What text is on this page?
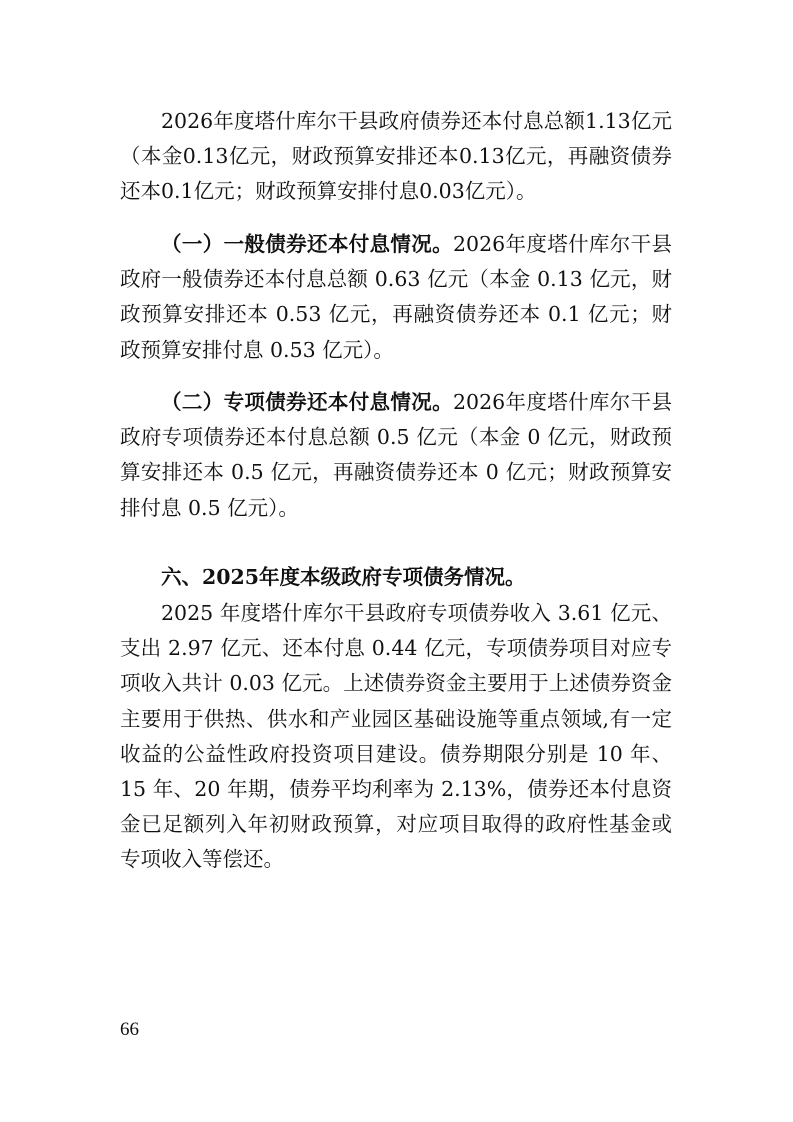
2026年度塔什库尔干县政府债券还本付息总额1.13亿元（本金0.13亿元，财政预算安排还本0.13亿元，再融资债券还本0.1亿元；财政预算安排付息0.03亿元）。

（一）一般债券还本付息情况。2026年度塔什库尔干县政府一般债券还本付息总额 0.63 亿元（本金 0.13 亿元，财政预算安排还本 0.53 亿元，再融资债券还本 0.1 亿元；财政预算安排付息 0.53 亿元）。

（二）专项债券还本付息情况。2026年度塔什库尔干县政府专项债券还本付息总额 0.5 亿元（本金 0 亿元，财政预算安排还本 0.5 亿元，再融资债券还本 0 亿元；财政预算安排付息 0.5 亿元）。

六、2025年度本级政府专项债务情况。

2025 年度塔什库尔干县政府专项债券收入 3.61 亿元、支出 2.97 亿元、还本付息 0.44 亿元，专项债券项目对应专项收入共计 0.03 亿元。上述债券资金主要用于上述债券资金主要用于供热、供水和产业园区基础设施等重点领域,有一定收益的公益性政府投资项目建设。债券期限分别是 10 年、15 年、20 年期，债券平均利率为 2.13%，债券还本付息资金已足额列入年初财政预算，对应项目取得的政府性基金或专项收入等偿还。

66
